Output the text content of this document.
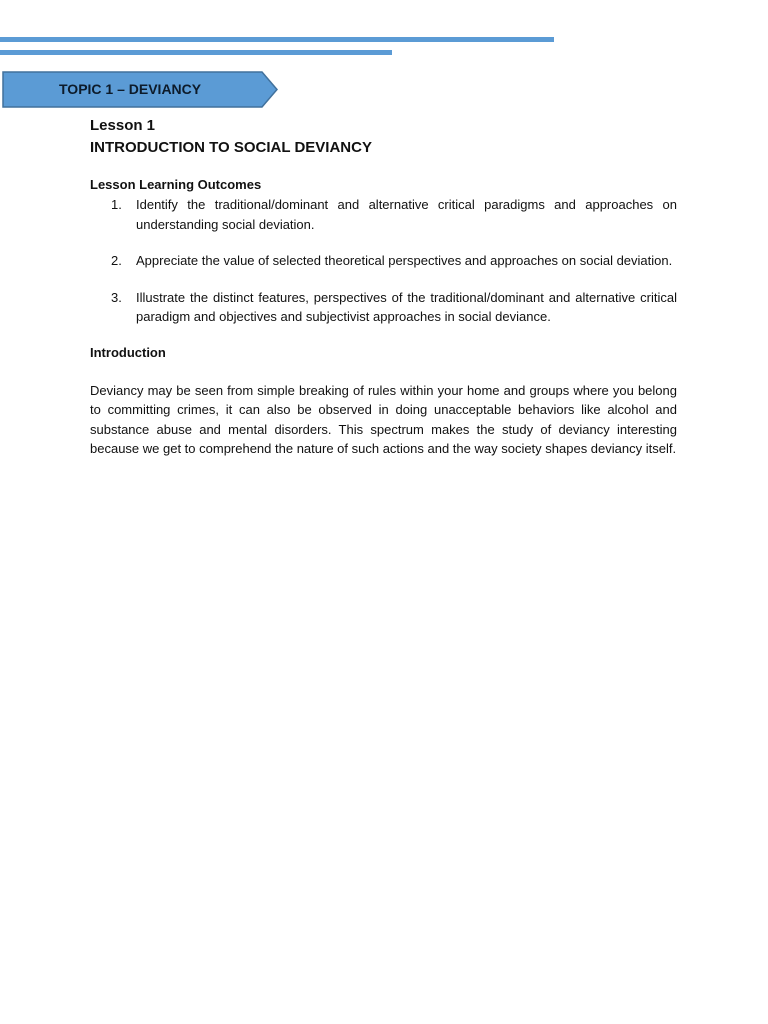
TOPIC 1 – DEVIANCY

Lesson 1

INTRODUCTION TO SOCIAL DEVIANCY

Lesson Learning Outcomes

1. Identify the traditional/dominant and alternative critical paradigms and approaches on understanding social deviation.
2. Appreciate the value of selected theoretical perspectives and approaches on social deviation.
3. Illustrate the distinct features, perspectives of the traditional/dominant and alternative critical paradigm and objectives and subjectivist approaches in social deviance.

Introduction

Deviancy may be seen from simple breaking of rules within your home and groups where you belong to committing crimes, it can also be observed in doing unacceptable behaviors like alcohol and substance abuse and mental disorders. This spectrum makes the study of deviancy interesting because we get to comprehend the nature of such actions and the way society shapes deviancy itself.
